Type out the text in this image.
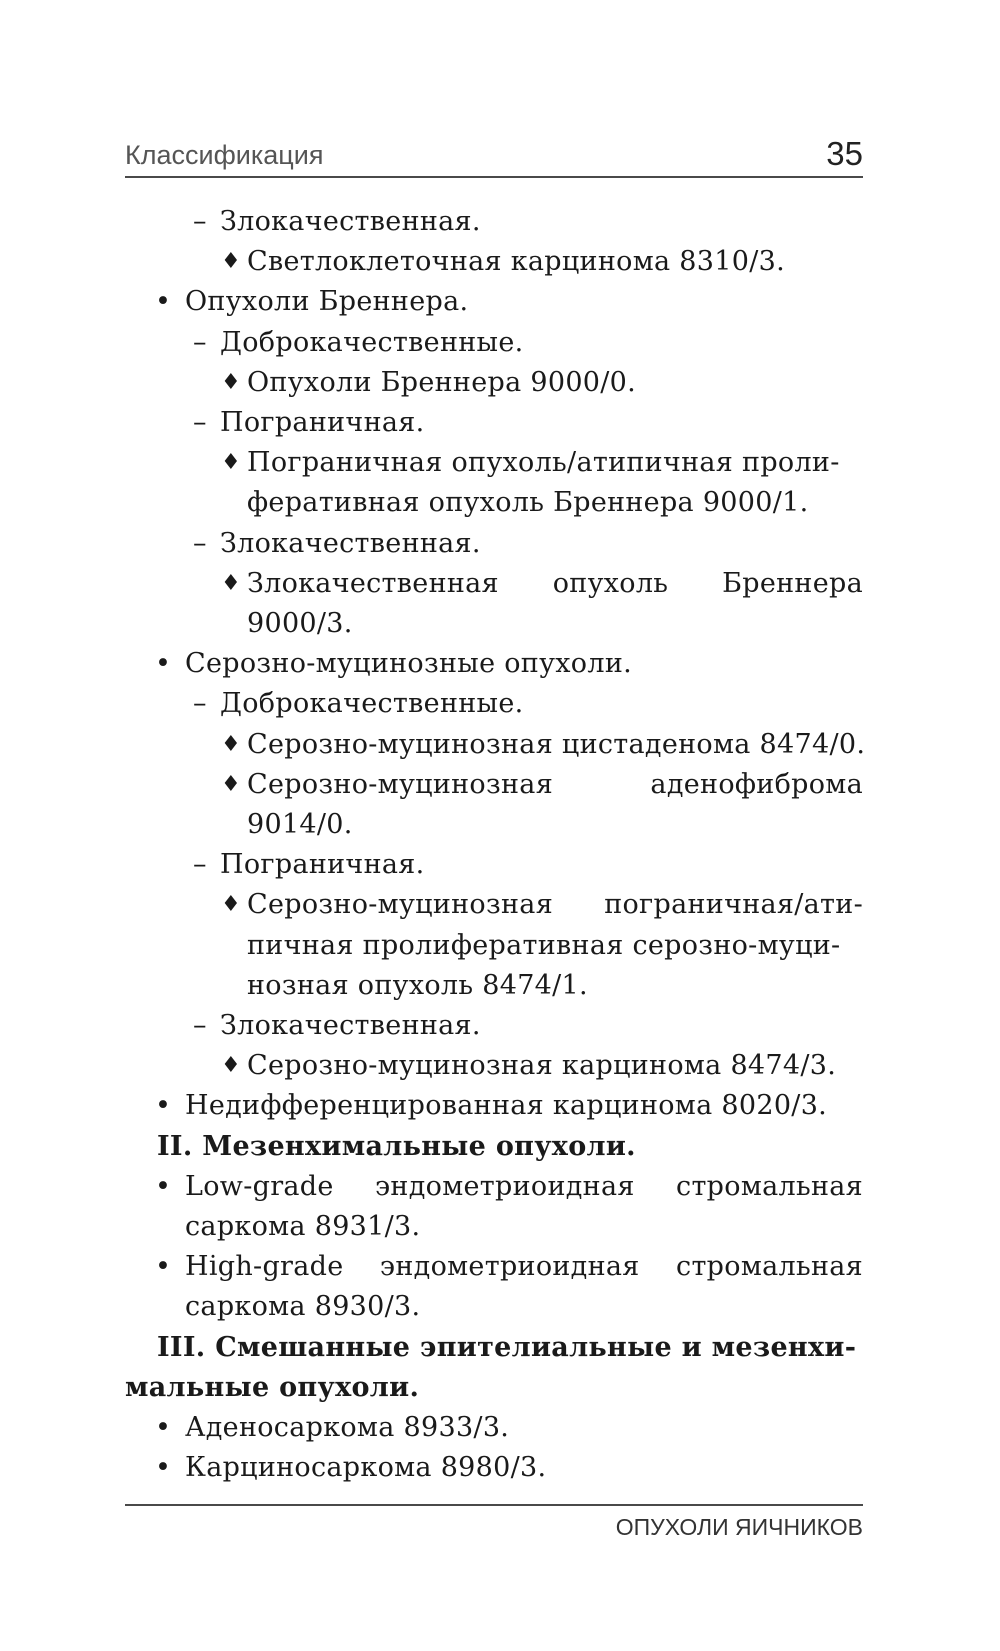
Классификация	35
– Злокачественная.
♦ Светлоклеточная карцинома 8310/3.
• Опухоли Бреннера.
– Доброкачественные.
♦ Опухоли Бреннера 9000/0.
– Пограничная.
♦ Пограничная опухоль/атипичная проли-
феративная опухоль Бреннера 9000/1.
– Злокачественная.
♦ Злокачественная опухоль Бреннера
9000/3.
• Серозно-муцинозные опухоли.
– Доброкачественные.
♦ Серозно-муцинозная цистаденома 8474/0.
♦ Серозно-муцинозная аденофиброма
9014/0.
– Пограничная.
♦ Серозно-муцинозная пограничная/ати-
пичная пролиферативная серозно-муци-
нозная опухоль 8474/1.
– Злокачественная.
♦ Серозно-муцинозная карцинома 8474/3.
• Недифференцированная карцинома 8020/3.
II. Мезенхимальные опухоли.
• Low-grade эндометриоидная стромальная
саркома 8931/3.
• High-grade эндометриоидная стромальная
саркома 8930/3.
III. Смешанные эпителиальные и мезенхи-
мальные опухоли.
• Аденосаркома 8933/3.
• Карциносаркома 8980/3.
ОПУХОЛИ ЯИЧНИКОВ
